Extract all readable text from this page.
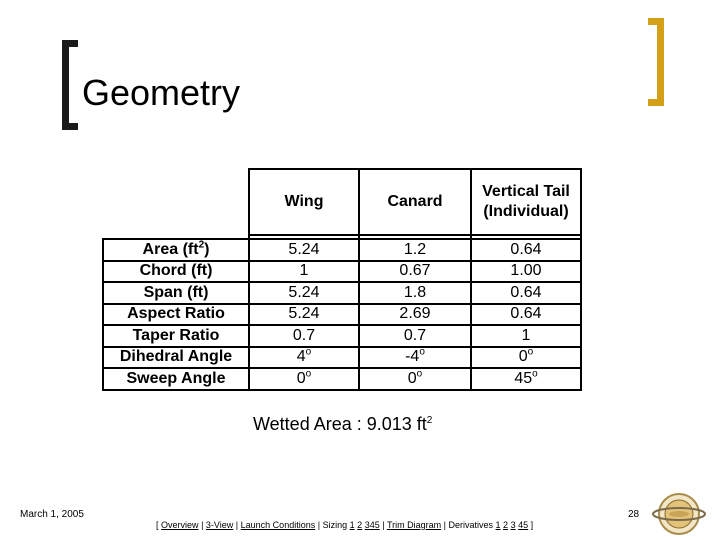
Geometry
	Wing	Canard	Vertical Tail
(Individual)

Area $(ft^2)$	5.24	1.2	0.64
Chord (ft)	1	0.67	1.00
Span (ft)	5.24	1.8	0.64
Aspect Ratio	5.24	2.69	0.64
Taper Ratio	0.7	0.7	1
Dihedral Angle	4$^o$	-4$^o$	0$^o$
Sweep Angle	0$^o$	0$^o$	45$^o$
Wetted Area : 9.013 $ft^2$
March 1, 2005	28
[ Overview | 3-View | Launch Conditions | Sizing 1 2 345 | Trim Diagram | Derivatives 1 2 3 45 ]
